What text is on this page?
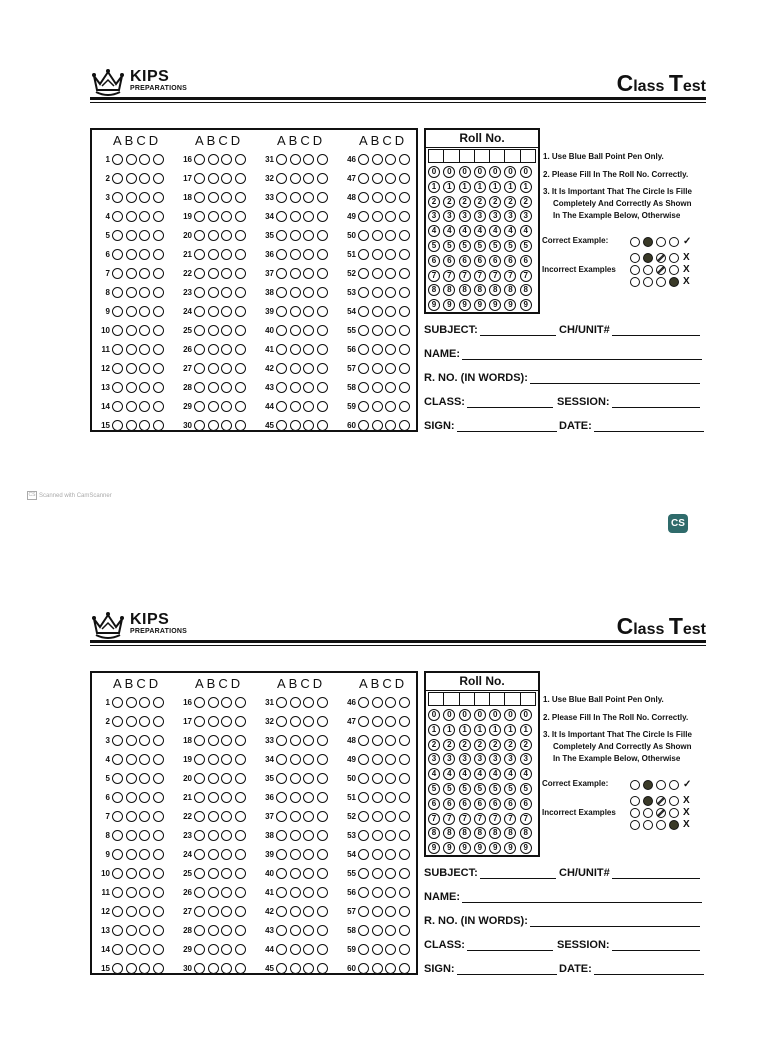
KIPS
PREPARATIONS	Class Test
ABCD
1
2
3
4
5
6
7
8
9
10
11
12
13
14
15
ABCD
16
17
18
19
20
21
22
23
24
25
26
27
28
29
30
ABCD
31
32
33
34
35
36
37
38
39
40
41
42
43
44
45
ABCD
46
47
48
49
50
51
52
53
54
55
56
57
58
59
60
Roll No.
0	0	0	0	0	0	0
1	1	1	1	1	1	1
2	2	2	2	2	2	2
3	3	3	3	3	3	3
4	4	4	4	4	4	4
5	5	5	5	5	5	5
6	6	6	6	6	6	6
7	7	7	7	7	7	7
8	8	8	8	8	8	8
9	9	9	9	9	9	9
1. Use Blue Ball Point Pen Only.
2. Please Fill In The Roll No. Correctly.
3. It Is Important That The Circle Is Fille
Completely And Correctly As Shown
In The Example Below, Otherwise
Correct Example:	✓
Incorrect Examples
X
X
X
SUBJECT:	CH/UNIT#
NAME:
R. NO. (IN WORDS):
CLASS:	SESSION:
SIGN:	DATE:
KIPS
PREPARATIONS	Class Test
ABCD
1
2
3
4
5
6
7
8
9
10
11
12
13
14
15
ABCD
16
17
18
19
20
21
22
23
24
25
26
27
28
29
30
ABCD
31
32
33
34
35
36
37
38
39
40
41
42
43
44
45
ABCD
46
47
48
49
50
51
52
53
54
55
56
57
58
59
60
Roll No.
0	0	0	0	0	0	0
1	1	1	1	1	1	1
2	2	2	2	2	2	2
3	3	3	3	3	3	3
4	4	4	4	4	4	4
5	5	5	5	5	5	5
6	6	6	6	6	6	6
7	7	7	7	7	7	7
8	8	8	8	8	8	8
9	9	9	9	9	9	9
1. Use Blue Ball Point Pen Only.
2. Please Fill In The Roll No. Correctly.
3. It Is Important That The Circle Is Fille
Completely And Correctly As Shown
In The Example Below, Otherwise
Correct Example:	✓
Incorrect Examples
X
X
X
SUBJECT:	CH/UNIT#
NAME:
R. NO. (IN WORDS):
CLASS:	SESSION:
SIGN:	DATE:
CS Scanned with CamScanner
CS
